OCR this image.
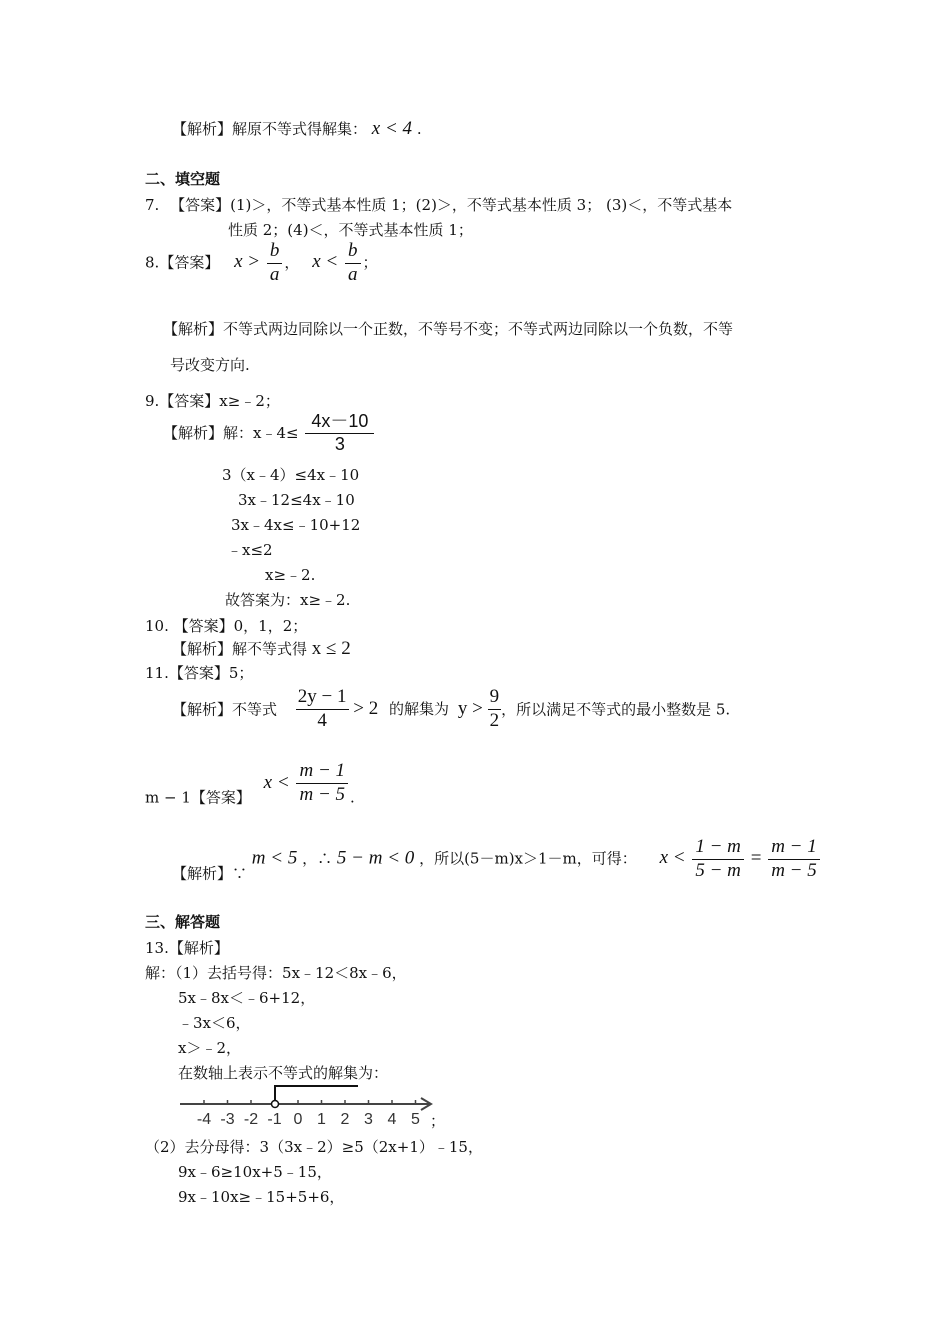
【解析】解原不等式得解集： x < 4 .
二、填空题
7. 【答案】(1)＞，不等式基本性质 1；(2)＞，不等式基本性质 3； (3)＜，不等式基本
性质 2；(4)＜，不等式基本性质 1；
8.【答案】 $x > \frac{b}{a}$ ， $x < \frac{b}{a}$ ；
【解析】不等式两边同除以一个正数，不等号不变；不等式两边同除以一个负数，不等
号改变方向.
9.【答案】x≥﹣2；
【解析】解：x﹣4≤ $\frac{4x-10}{3}$
3（x﹣4）≤4x﹣10
3x﹣12≤4x﹣10
3x﹣4x≤﹣10+12
﹣x≤2
x≥﹣2.
故答案为：x≥﹣2.
10. 【答案】0，1，2；
【解析】解不等式得 x ≤ 2
11.【答案】5；
【解析】不等式 $\frac{2y - 1}{4} > 2$ 的解集为 $y > \frac{9}{2}$ ，所以满足不等式的最小整数是 5.
m − 1【答案】 $x < \frac{m - 1}{m - 5}$ .
【解析】∵ m < 5 ，∴ 5 − m < 0 ，所以(5－m)x＞1－m，可得： $x < \frac{1 - m}{5 - m} = \frac{m - 1}{m - 5}$
三、解答题
13.【解析】
解：（1）去括号得：5x﹣12＜8x﹣6，
5x﹣8x＜﹣6+12，
﹣3x＜6，
x＞﹣2，
在数轴上表示不等式的解集为：
-4 -3 -2 -1 0 1 2 3 4 5 ；
（2）去分母得：3（3x﹣2）≥5（2x+1）﹣15，
9x﹣6≥10x+5﹣15，
9x﹣10x≥﹣15+5+6，
